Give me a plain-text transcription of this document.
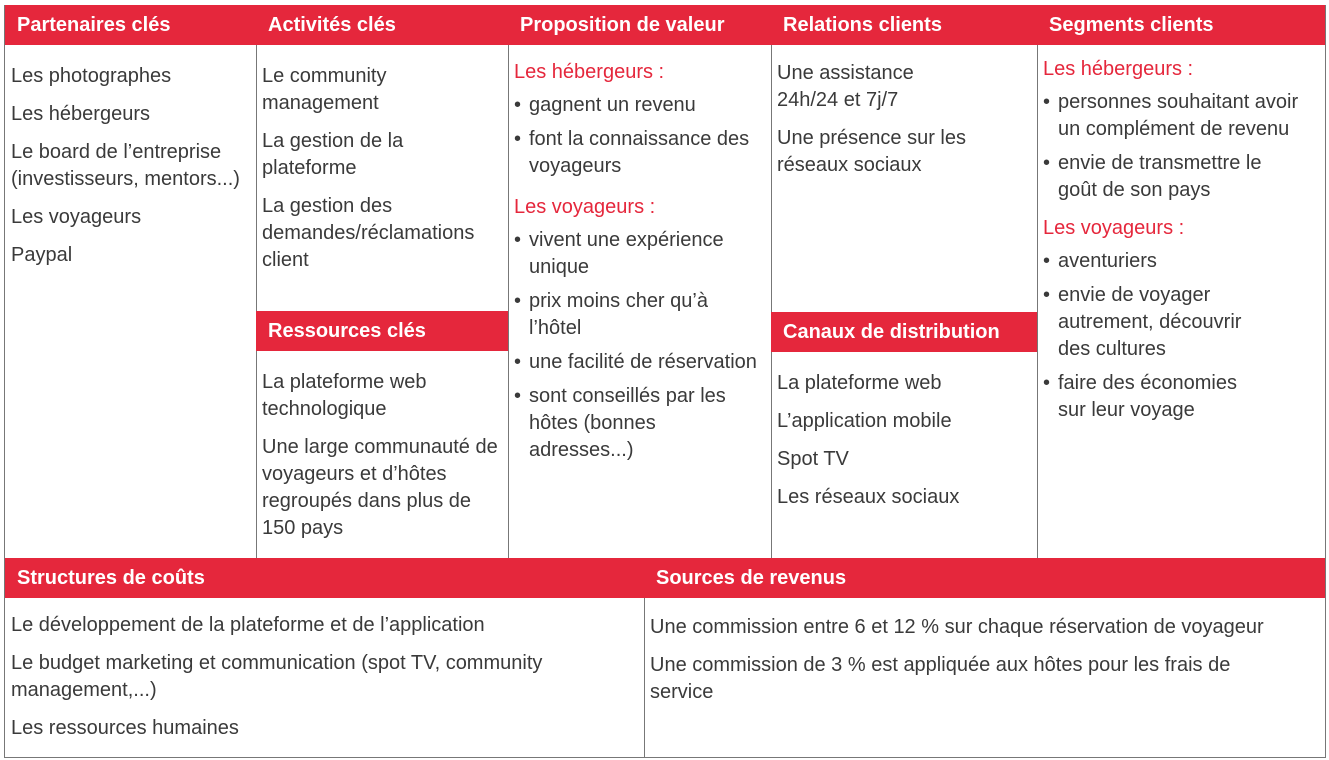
Partenaires clés

Les photographes

Les hébergeurs

Le board de l’entreprise (investisseurs, mentors...)

Les voyageurs

Paypal

Activités clés

Le community management

La gestion de la plateforme

La gestion des demandes/réclamations client

Ressources clés

La plateforme web technologique

Une large communauté de voyageurs et d’hôtes regroupés dans plus de 150 pays

Proposition de valeur
Les hébergeurs :
• gagnent un revenu
• font la connaissance des voyageurs
Les voyageurs :
• vivent une expérience unique
• prix moins cher qu’à l’hôtel
• une facilité de réservation
• sont conseillés par les hôtes (bonnes adresses...)
Relations clients

Une assistance 24h/24 et 7j/7

Une présence sur les réseaux sociaux

Canaux de distribution

La plateforme web

L’application mobile

Spot TV

Les réseaux sociaux

Segments clients
Les hébergeurs :
• personnes souhaitant avoir un complément de revenu
• envie de transmettre le goût de son pays
Les voyageurs :
• aventuriers
• envie de voyager autrement, découvrir des cultures
• faire des économies sur leur voyage
Structures de coûts

Le développement de la plateforme et de l’application

Le budget marketing et communication (spot TV, community management,...)

Les ressources humaines

Sources de revenus

Une commission entre 6 et 12 % sur chaque réservation de voyageur

Une commission de 3 % est appliquée aux hôtes pour les frais de service
